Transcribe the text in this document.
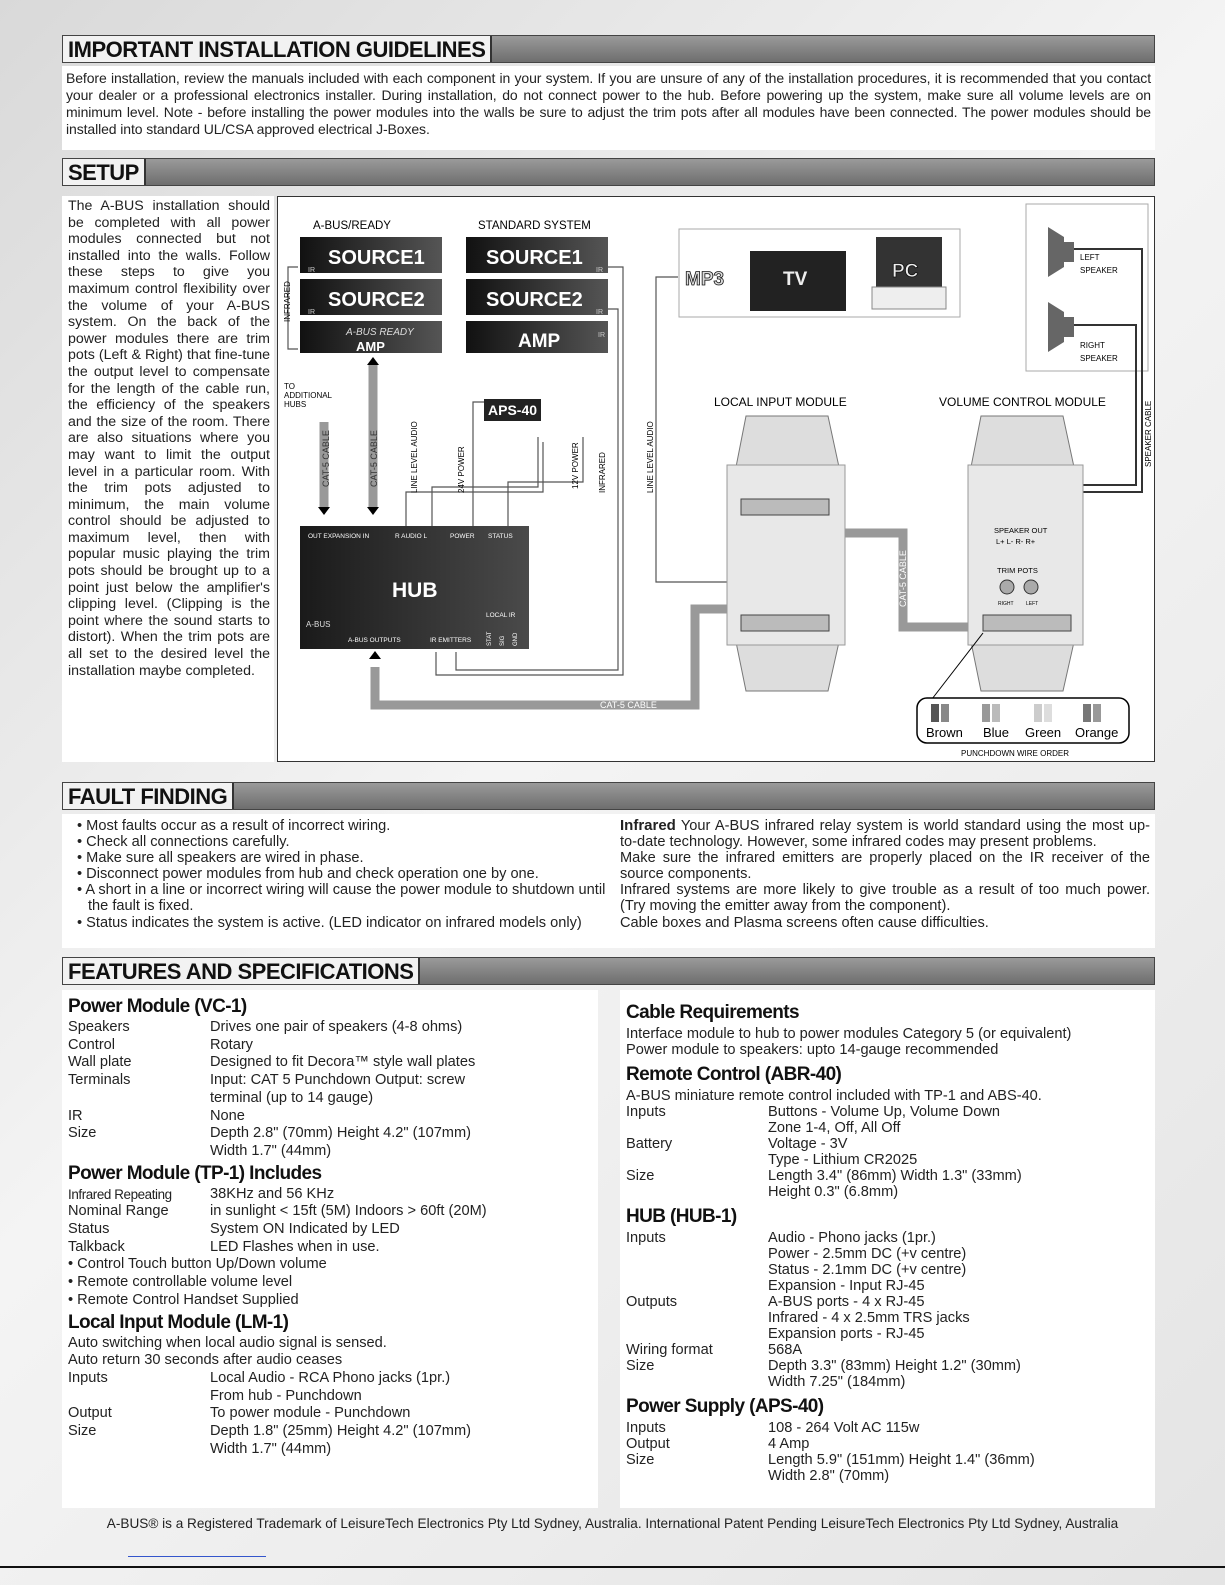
IMPORTANT INSTALLATION GUIDELINES
Before installation, review the manuals included with each component in your system. If you are unsure of any of the installation procedures, it is recommended that you contact your dealer or a professional electronics installer. During installation, do not connect power to the hub. Before powering up the system, make sure all volume levels are on minimum level. Note - before installing the power modules into the walls be sure to adjust the trim pots after all modules have been connected. The power modules should be installed into standard UL/CSA approved electrical J-Boxes.
SETUP
The A-BUS installation should be completed with all power modules connected but not installed into the walls. Follow these steps to give you maximum control flexibility over the volume of your A-BUS system. On the back of the power modules there are trim pots (Left & Right) that fine-tune the output level to compensate for the length of the cable run, the efficiency of the speakers and the size of the room. There are also situations where you may want to limit the output level in a particular room. With the trim pots adjusted to minimum, the main volume control should be adjusted to maximum level, then with popular music playing the trim pots should be brought up to a point just below the amplifier's clipping level. (Clipping is the point where the sound starts to distort). When the trim pots are all set to the desired level the installation maybe completed.
A-BUS/READY	STANDARD SYSTEM
CAT-5 CABLE
CAT-5 CABLE	CAT-5 CABLE
CAT-5 CABLE
SOURCE1
SOURCE2
A-BUS READY
AMP
IR
IR
INFRARED
SOURCE1
SOURCE2
AMP
IR
IR
IR
TO
ADDITIONAL
HUBS
LINE LEVEL AUDIO	24V POWER	12V POWER INFRARED	LINE LEVEL AUDIO
APS-40
OUT EXPANSION IN	R AUDIO L	POWER STATUS
HUB
LOCAL IR
A-BUS
A-BUS OUTPUTS	IR EMITTERS	STAT SIG GND
MP3	TV	PC
LEFT
SPEAKER
RIGHT
SPEAKER
SPEAKER CABLE
LOCAL INPUT MODULE	VOLUME CONTROL MODULE
SPEAKER OUT
L+ L- R- R+
TRIM POTS
RIGHT LEFT
Brown Blue Green Orange
PUNCHDOWN WIRE ORDER
FAULT FINDING
• Most faults occur as a result of incorrect wiring.
• Check all connections carefully.
• Make sure all speakers are wired in phase.
• Disconnect power modules from hub and check operation one by one.
• A short in a line or incorrect wiring will cause the power module to shutdown until the fault is fixed.
• Status indicates the system is active. (LED indicator on infrared models only)
Infrared Your A-BUS infrared relay system is world standard using the most up-to-date technology. However, some infrared codes may present problems.
Make sure the infrared emitters are properly placed on the IR receiver of the source components.
Infrared systems are more likely to give trouble as a result of too much power. (Try moving the emitter away from the component).
Cable boxes and Plasma screens often cause difficulties.
FEATURES AND SPECIFICATIONS
Power Module (VC-1)
Speakers	Drives one pair of speakers (4-8 ohms)
Control	Rotary
Wall plate	Designed to fit Decora™ style wall plates
Terminals	Input: CAT 5 Punchdown Output: screw
terminal (up to 14 gauge)
IR	None
Size	Depth 2.8" (70mm) Height 4.2" (107mm)
Width 1.7" (44mm)
Power Module (TP-1) Includes
Infrared Repeating	38KHz and 56 KHz
Nominal Range	in sunlight < 15ft (5M) Indoors > 60ft (20M)
Status	System ON Indicated by LED
Talkback	LED Flashes when in use.
• Control Touch button Up/Down volume
• Remote controllable volume level
• Remote Control Handset Supplied
Local Input Module (LM-1)
Auto switching when local audio signal is sensed.
Auto return 30 seconds after audio ceases
Inputs	Local Audio - RCA Phono jacks (1pr.)
From hub - Punchdown
Output	To power module - Punchdown
Size	Depth 1.8" (25mm) Height 4.2" (107mm)
Width 1.7" (44mm)
Cable Requirements
Interface module to hub to power modules Category 5 (or equivalent)
Power module to speakers: upto 14-gauge recommended
Remote Control (ABR-40)
A-BUS miniature remote control included with TP-1 and ABS-40.
Inputs	Buttons - Volume Up, Volume Down
Zone 1-4, Off, All Off
Battery	Voltage - 3V
Type - Lithium CR2025
Size	Length 3.4" (86mm) Width 1.3" (33mm)
Height 0.3" (6.8mm)
HUB (HUB-1)
Inputs	Audio - Phono jacks (1pr.)
Power - 2.5mm DC (+v centre)
Status - 2.1mm DC (+v centre)
Expansion - Input RJ-45
Outputs	A-BUS ports - 4 x RJ-45
Infrared - 4 x 2.5mm TRS jacks
Expansion ports - RJ-45
Wiring format	568A
Size	Depth 3.3" (83mm) Height 1.2" (30mm)
Width 7.25" (184mm)
Power Supply (APS-40)
Inputs	108 - 264 Volt AC 115w
Output	4 Amp
Size	Length 5.9" (151mm) Height 1.4" (36mm)
Width 2.8" (70mm)
A-BUS® is a Registered Trademark of LeisureTech Electronics Pty Ltd Sydney, Australia. International Patent Pending LeisureTech Electronics Pty Ltd Sydney, Australia
